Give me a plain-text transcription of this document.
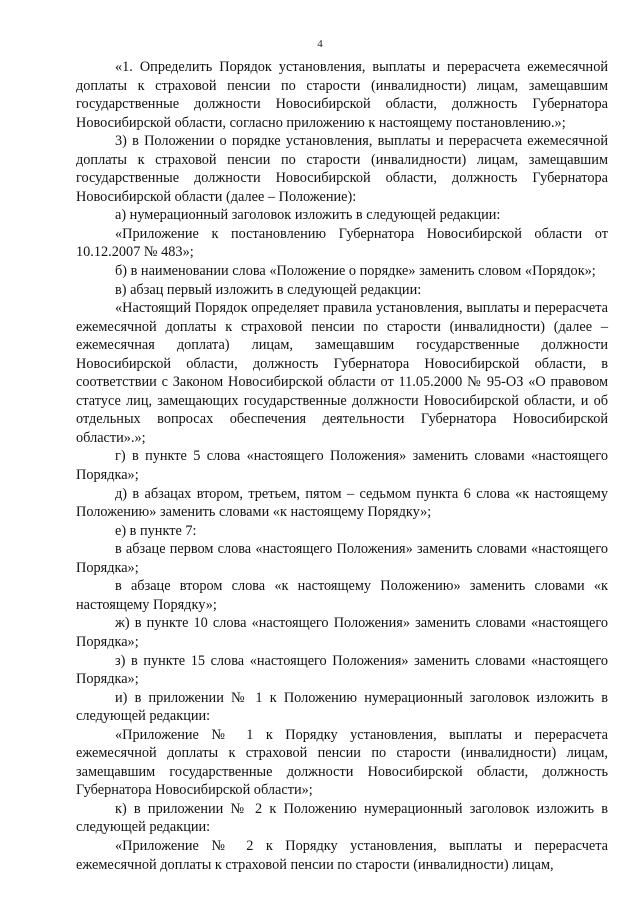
4

«1. Определить Порядок установления, выплаты и перерасчета ежемесячной доплаты к страховой пенсии по старости (инвалидности) лицам, замещавшим государственные должности Новосибирской области, должность Губернатора Новосибирской области, согласно приложению к настоящему постановлению.»;

3) в Положении о порядке установления, выплаты и перерасчета ежемесячной доплаты к страховой пенсии по старости (инвалидности) лицам, замещавшим государственные должности Новосибирской области, должность Губернатора Новосибирской области (далее – Положение):

а) нумерационный заголовок изложить в следующей редакции:

«Приложение к постановлению Губернатора Новосибирской области от 10.12.2007 № 483»;

б) в наименовании слова «Положение о порядке» заменить словом «Порядок»;

в) абзац первый изложить в следующей редакции:

«Настоящий Порядок определяет правила установления, выплаты и перерасчета ежемесячной доплаты к страховой пенсии по старости (инвалидности) (далее – ежемесячная доплата) лицам, замещавшим государственные должности Новосибирской области, должность Губернатора Новосибирской области, в соответствии с Законом Новосибирской области от 11.05.2000 № 95-ОЗ «О правовом статусе лиц, замещающих государственные должности Новосибирской области, и об отдельных вопросах обеспечения деятельности Губернатора Новосибирской области».»;

г) в пункте 5 слова «настоящего Положения» заменить словами «настоящего Порядка»;

д) в абзацах втором, третьем, пятом – седьмом пункта 6 слова «к настоящему Положению» заменить словами «к настоящему Порядку»;

е) в пункте 7:

в абзаце первом слова «настоящего Положения» заменить словами «настоящего Порядка»;

в абзаце втором слова «к настоящему Положению» заменить словами «к настоящему Порядку»;

ж) в пункте 10 слова «настоящего Положения» заменить словами «настоящего Порядка»;

з) в пункте 15 слова «настоящего Положения» заменить словами «настоящего Порядка»;

и) в приложении № 1 к Положению нумерационный заголовок изложить в следующей редакции:

«Приложение № 1 к Порядку установления, выплаты и перерасчета ежемесячной доплаты к страховой пенсии по старости (инвалидности) лицам, замещавшим государственные должности Новосибирской области, должность Губернатора Новосибирской области»;

к) в приложении № 2 к Положению нумерационный заголовок изложить в следующей редакции:

«Приложение № 2 к Порядку установления, выплаты и перерасчета ежемесячной доплаты к страховой пенсии по старости (инвалидности) лицам,
